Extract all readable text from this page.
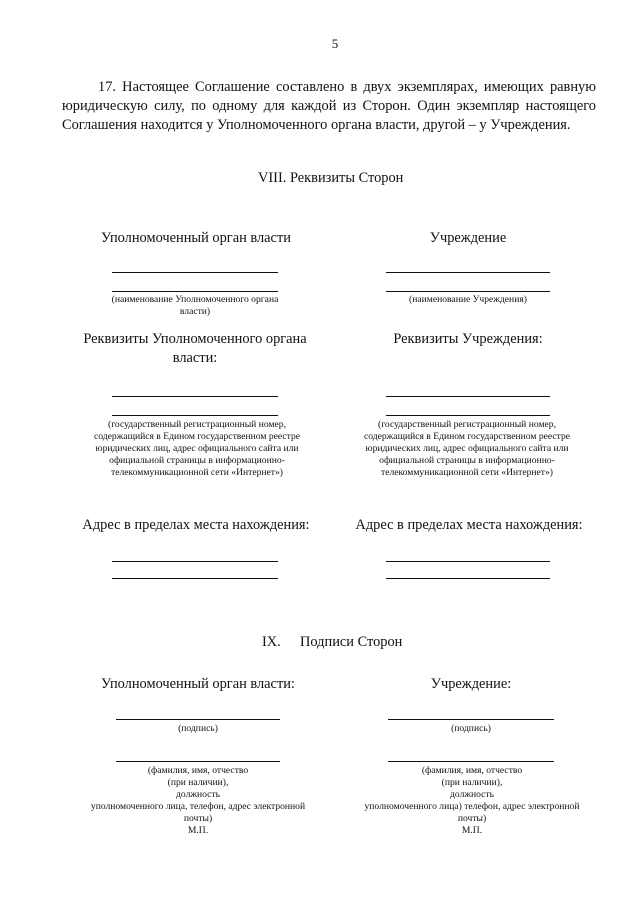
5
17. Настоящее Соглашение составлено в двух экземплярах, имеющих равную юридическую силу, по одному для каждой из Сторон. Один экземпляр настоящего Соглашения находится у Уполномоченного органа власти, другой – у Учреждения.
VIII. Реквизиты Сторон
Уполномоченный орган власти
(наименование Уполномоченного органа власти)
Реквизиты Уполномоченного органа власти:
(государственный регистрационный номер, содержащийся в Едином государственном реестре юридических лиц, адрес официального сайта или официальной страницы в информационно-телекоммуникационной сети «Интернет»)
Адрес в пределах места нахождения:
Учреждение
(наименование Учреждения)
Реквизиты Учреждения:
(государственный регистрационный номер, содержащийся в Едином государственном реестре юридических лиц, адрес официального сайта или официальной страницы в информационно-телекоммуникационной сети «Интернет»)
Адрес в пределах места нахождения:
IX. Подписи Сторон
Уполномоченный орган власти:
(подпись)
(фамилия, имя, отчество
(при наличии),
должность
уполномоченного лица, телефон, адрес электронной
почты)
М.П.
Учреждение:
(подпись)
(фамилия, имя, отчество
(при наличии),
должность
уполномоченного лица) телефон, адрес электронной
почты)
М.П.
